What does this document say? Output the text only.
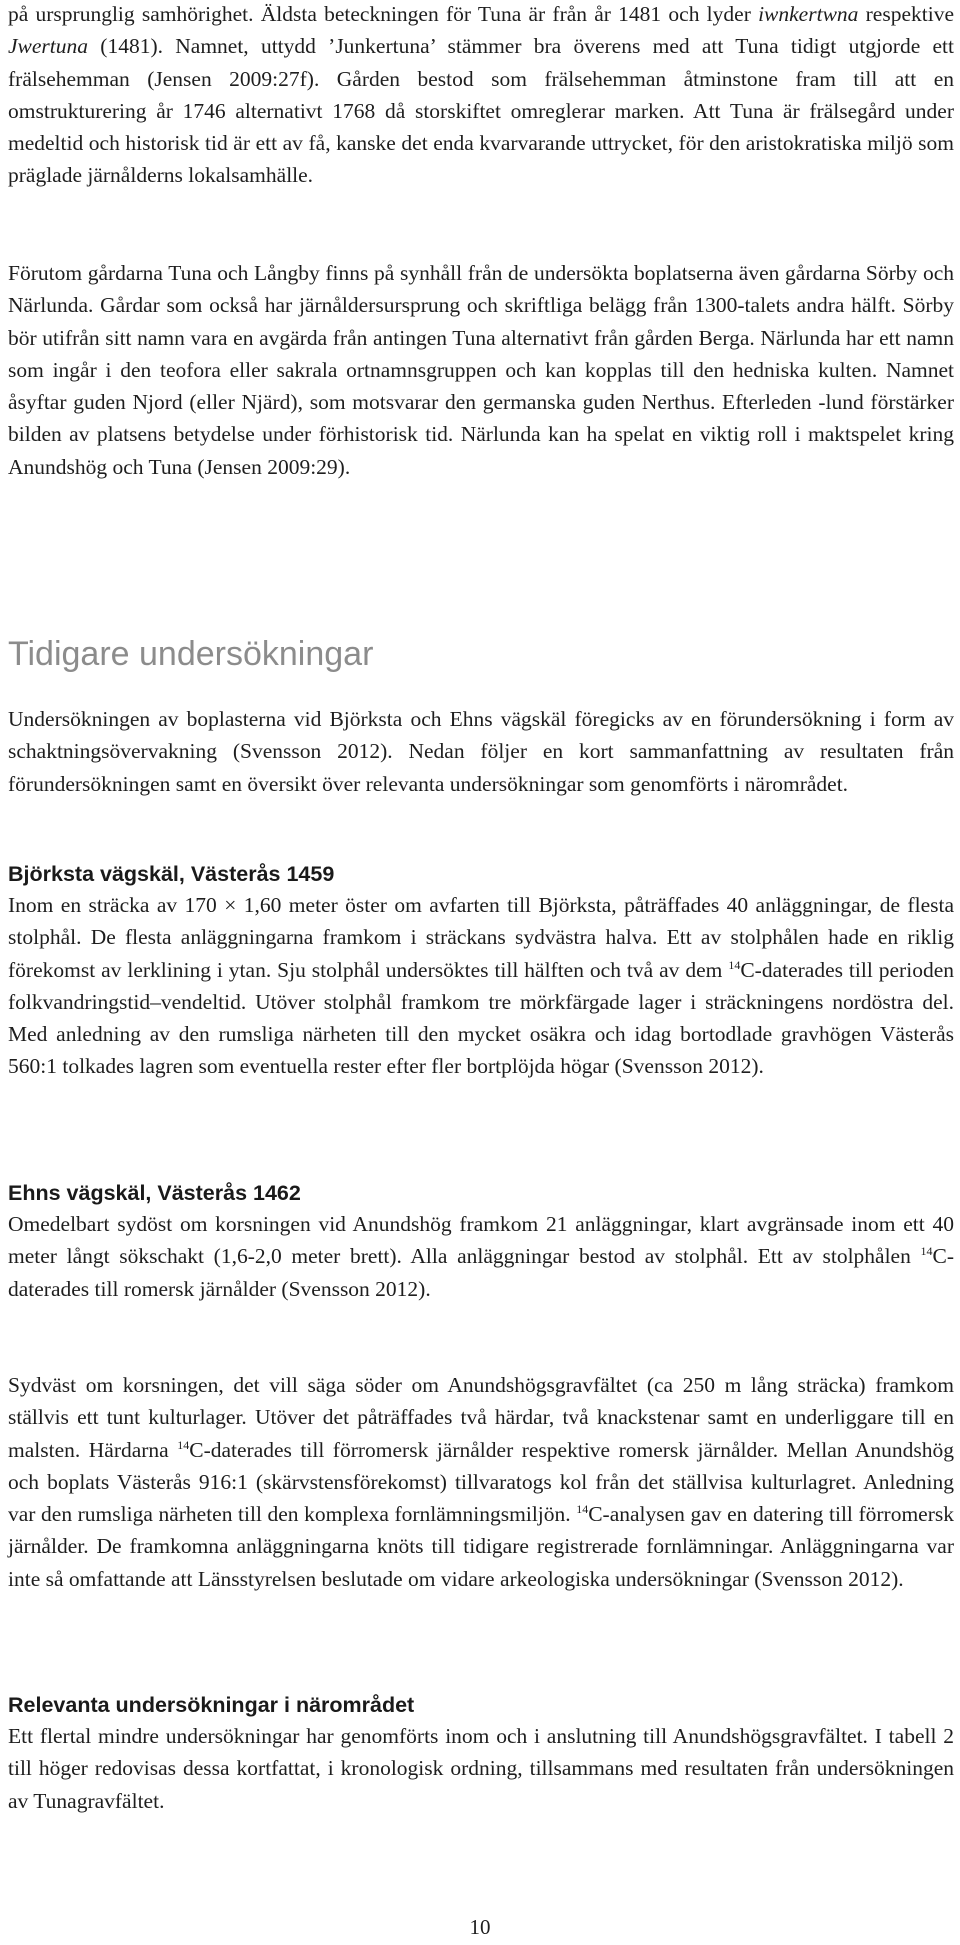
på ursprunglig samhörighet. Äldsta beteckningen för Tuna är från år 1481 och lyder iwnkertwna respektive Jwertuna (1481). Namnet, uttydd ’Junkertuna’ stämmer bra överens med att Tuna tidigt utgjorde ett frälsehemman (Jensen 2009:27f). Gården bestod som frälsehemman åtminstone fram till att en omstrukturering år 1746 alternativt 1768 då storskiftet omreglerar marken. Att Tuna är frälsegård under medeltid och historisk tid är ett av få, kanske det enda kvarvarande uttrycket, för den aristokratiska miljö som präglade järnålderns lokalsamhälle.

Förutom gårdarna Tuna och Långby finns på synhåll från de undersökta boplatserna även gårdarna Sörby och Närlunda. Gårdar som också har järnåldersursprung och skriftliga belägg från 1300-talets andra hälft. Sörby bör utifrån sitt namn vara en avgärda från antingen Tuna alternativt från gården Berga. Närlunda har ett namn som ingår i den teofora eller sakrala ortnamnsgruppen och kan kopplas till den hedniska kulten. Namnet åsyftar guden Njord (eller Njärd), som motsvarar den germanska guden Nerthus. Efterleden -lund förstärker bilden av platsens betydelse under förhistorisk tid. Närlunda kan ha spelat en viktig roll i maktspelet kring Anundshög och Tuna (Jensen 2009:29).

Tidigare undersökningar

Undersökningen av boplasterna vid Björksta och Ehns vägskäl föregicks av en förundersökning i form av schaktningsövervakning (Svensson 2012). Nedan följer en kort sammanfattning av resultaten från förundersökningen samt en översikt över relevanta undersökningar som genomförts i närområdet.

Björksta vägskäl, Västerås 1459

Inom en sträcka av 170 × 1,60 meter öster om avfarten till Björksta, påträffades 40 anläggningar, de flesta stolphål. De flesta anläggningarna framkom i sträckans sydvästra halva. Ett av stolphålen hade en riklig förekomst av lerklining i ytan. Sju stolphål undersöktes till hälften och två av dem $^{14}$C-daterades till perioden folkvandringstid–vendeltid. Utöver stolphål framkom tre mörkfärgade lager i sträckningens nordöstra del. Med anledning av den rumsliga närheten till den mycket osäkra och idag bortodlade gravhögen Västerås 560:1 tolkades lagren som eventuella rester efter fler bortplöjda högar (Svensson 2012).

Ehns vägskäl, Västerås 1462

Omedelbart sydöst om korsningen vid Anundshög framkom 21 anläggningar, klart avgränsade inom ett 40 meter långt sökschakt (1,6-2,0 meter brett). Alla anläggningar bestod av stolphål. Ett av stolphålen $^{14}$C-daterades till romersk järnålder (Svensson 2012).

Sydväst om korsningen, det vill säga söder om Anundshögsgravfältet (ca 250 m lång sträcka) framkom ställvis ett tunt kulturlager. Utöver det påträffades två härdar, två knackstenar samt en underliggare till en malsten. Härdarna $^{14}$C-daterades till förromersk järnålder respektive romersk järnålder. Mellan Anundshög och boplats Västerås 916:1 (skärvstensförekomst) tillvaratogs kol från det ställvisa kulturlagret. Anledning var den rumsliga närheten till den komplexa fornlämningsmiljön. $^{14}$C-analysen gav en datering till förromersk järnålder. De framkomna anläggningarna knöts till tidigare registrerade fornlämningar. Anläggningarna var inte så omfattande att Länsstyrelsen beslutade om vidare arkeologiska undersökningar (Svensson 2012).

Relevanta undersökningar i närområdet

Ett flertal mindre undersökningar har genomförts inom och i anslutning till Anundshögsgravfältet. I tabell 2 till höger redovisas dessa kortfattat, i kronologisk ordning, tillsammans med resultaten från undersökningen av Tunagravfältet.

10
